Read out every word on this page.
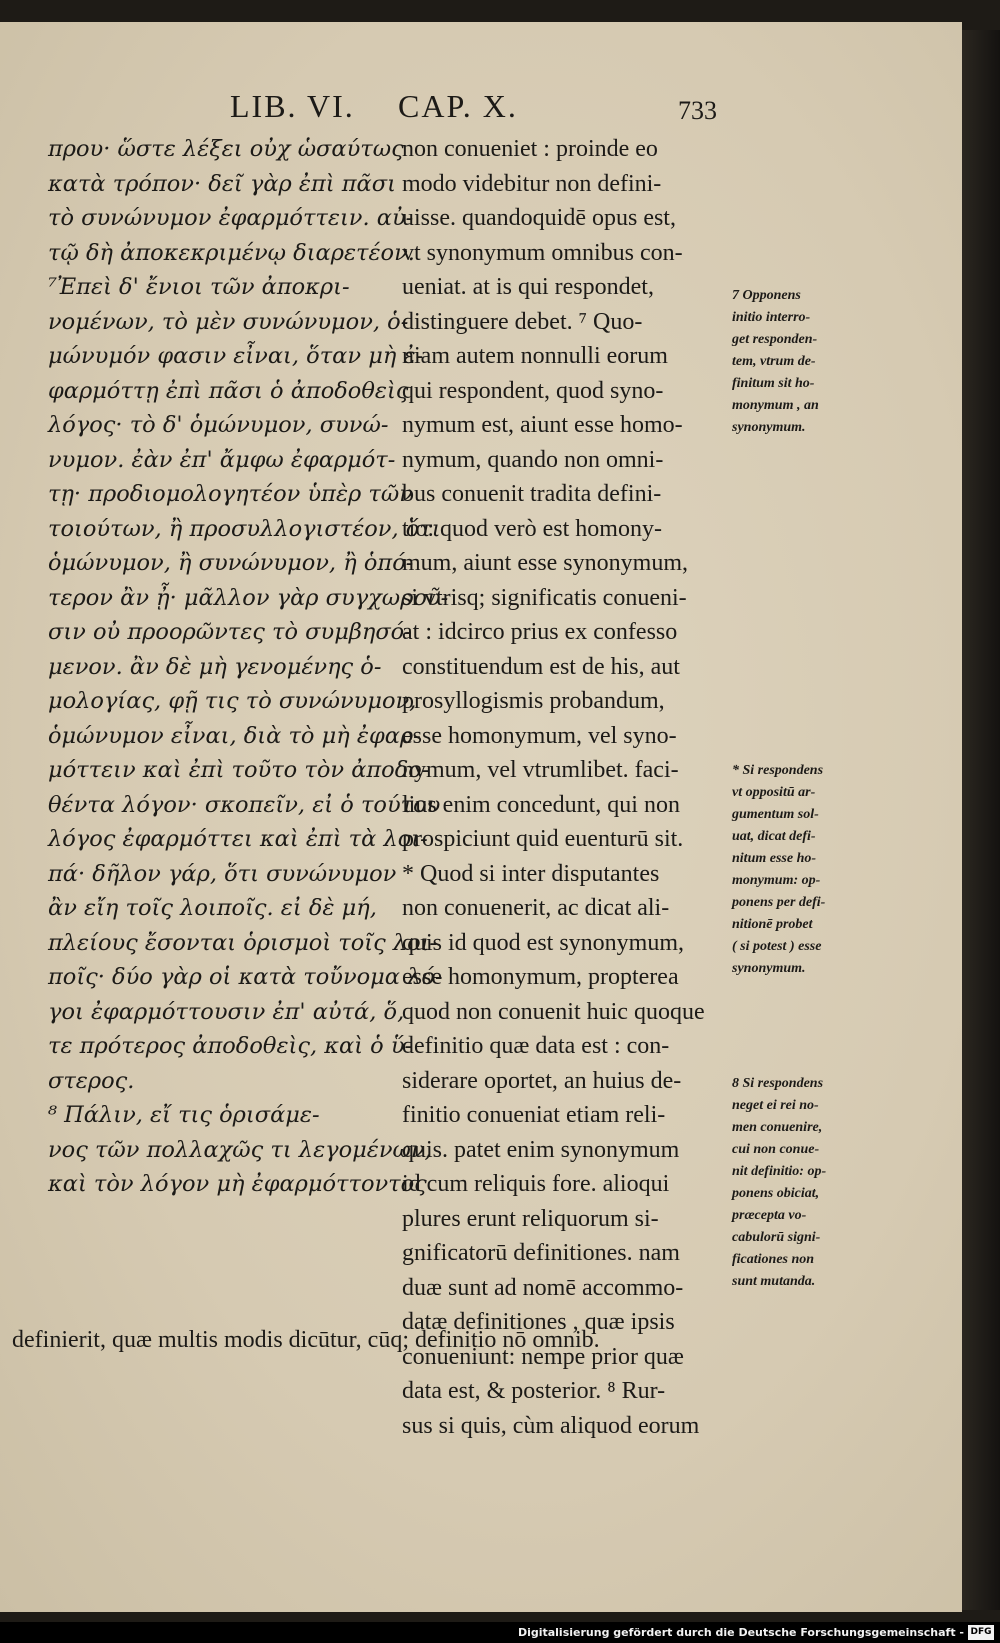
LIB. VI. CAP. X.	733
πρου· ὥστε λέξει οὐχ ὡσαύτως
κατὰ τρόπον· δεῖ γὰρ ἐπὶ πᾶσι
τὸ συνώνυμον ἐφαρμόττειν. αὐ-
τῷ δὴ ἀποκεκριμένῳ διαρετέον.
⁷Ἐπεὶ δ' ἔνιοι τῶν ἀποκρι-
νομένων, τὸ μὲν συνώνυμον, ὁ-
μώνυμόν φασιν εἶναι, ὅταν μὴ ἐ-
φαρμόττῃ ἐπὶ πᾶσι ὁ ἀποδοθεὶς
λόγος· τὸ δ' ὁμώνυμον, συνώ-
νυμον. ἐὰν ἐπ' ἄμφω ἐφαρμότ-
τῃ· προδιομολογητέον ὑπὲρ τῶν
τοιούτων, ἢ προσυλλογιστέον, ὅτι
ὁμώνυμον, ἢ συνώνυμον, ἢ ὁπό-
τερον ἂν ᾖ· μᾶλλον γὰρ συγχωροῦ-
σιν οὐ προορῶντες τὸ συμβησό-
μενον. ἂν δὲ μὴ γενομένης ὁ-
μολογίας, φῇ τις τὸ συνώνυμον,
ὁμώνυμον εἶναι, διὰ τὸ μὴ ἐφαρ-
μόττειν καὶ ἐπὶ τοῦτο τὸν ἀποδο-
θέντα λόγον· σκοπεῖν, εἰ ὁ τούτου
λόγος ἐφαρμόττει καὶ ἐπὶ τὰ λοι-
πά· δῆλον γάρ, ὅτι συνώνυμον
ἂν εἴη τοῖς λοιποῖς. εἰ δὲ μή,
πλείους ἔσονται ὁρισμοὶ τοῖς λοι-
ποῖς· δύο γὰρ οἱ κατὰ τοὔνομα λό-
γοι ἐφαρμόττουσιν ἐπ' αὐτά, ὅ,
τε πρότερος ἀποδοθεὶς, καὶ ὁ ὕ-
στερος.
⁸ Πάλιν, εἴ τις ὁρισάμε-
νος τῶν πολλαχῶς τι λεγομένων,
καὶ τὸν λόγον μὴ ἐφαρμόττοντος
non conueniet : proinde eo
modo videbitur non defini-
uisse. quandoquidē opus est,
vt synonymum omnibus con-
ueniat. at is qui respondet,
distinguere debet. ⁷ Quo-
niam autem nonnulli eorum
qui respondent, quod syno-
nymum est, aiunt esse homo-
nymum, quando non omni-
bus conuenit tradita defini-
tio: quod verò est homony-
mum, aiunt esse synonymum,
si vtrisq; significatis conueni-
at : idcirco prius ex confesso
constituendum est de his, aut
prosyllogismis probandum,
esse homonymum, vel syno-
nymum, vel vtrumlibet. faci-
lius enim concedunt, qui non
prospiciunt quid euenturū sit.
* Quod si inter disputantes
non conuenerit, ac dicat ali-
quis id quod est synonymum,
esse homonymum, propterea
quod non conuenit huic quoque
definitio quæ data est : con-
siderare oportet, an huius de-
finitio conueniat etiam reli-
quis. patet enim synonymum
id cum reliquis fore. alioqui
plures erunt reliquorum si-
gnificatorū definitiones. nam
duæ sunt ad nomē accommo-
datæ definitiones , quæ ipsis
conueniunt: nempe prior quæ
data est, & posterior. ⁸ Rur-
sus si quis, cùm aliquod eorum
7 Opponens
initio interro-
get responden-
tem, vtrum de-
finitum sit ho-
monymum , an
synonymum.
* Si respondens
vt oppositū ar-
gumentum sol-
uat, dicat defi-
nitum esse ho-
monymum: op-
ponens per defi-
nitionē probet
( si potest ) esse
synonymum.
8 Si respondens
neget ei rei no-
men conuenire,
cui non conue-
nit definitio: op-
ponens obiciat,
præcepta vo-
cabulorū signi-
ficationes non
sunt mutanda.
definierit, quæ multis modis dicūtur, cūq; definitio nō omnib.
Digitalisierung gefördert durch die Deutsche Forschungsgemeinschaft - DFG
